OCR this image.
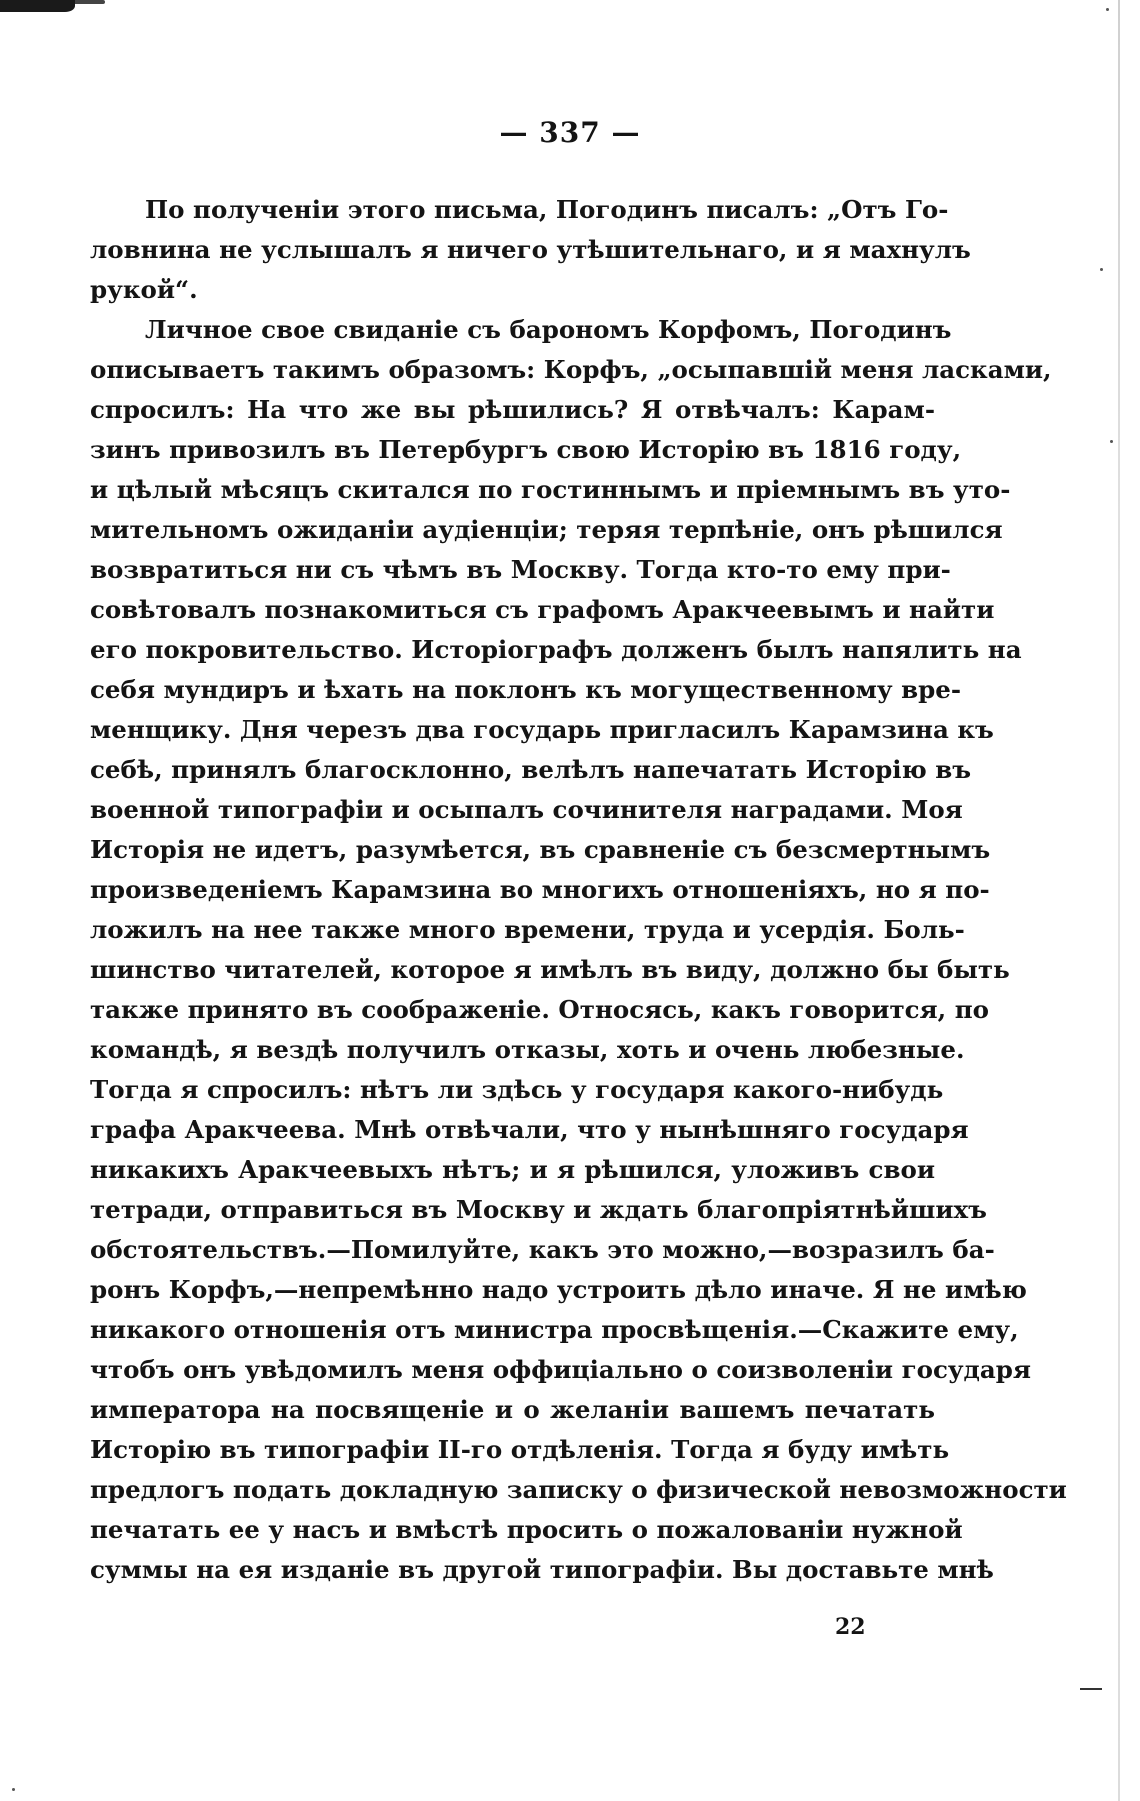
— 337 —
По полученіи этого письма, Погодинъ писалъ: „Отъ Го-
ловнина не услышалъ я ничего утѣшительнаго, и я махнулъ
рукой“.
Личное свое свиданіе съ барономъ Корфомъ, Погодинъ
описываетъ такимъ образомъ: Корфъ, „осыпавшій меня ласками,
спросилъ: На что же вы рѣшились? Я отвѣчалъ: Карам-
зинъ привозилъ въ Петербургъ свою Исторію въ 1816 году,
и цѣлый мѣсяцъ скитался по гостиннымъ и пріемнымъ въ уто-
мительномъ ожиданіи аудіенціи; теряя терпѣніе, онъ рѣшился
возвратиться ни съ чѣмъ въ Москву. Тогда кто-то ему при-
совѣтовалъ познакомиться съ графомъ Аракчеевымъ и найти
его покровительство. Исторіографъ долженъ былъ напялить на
себя мундиръ и ѣхать на поклонъ къ могущественному вре-
менщику. Дня черезъ два государь пригласилъ Карамзина къ
себѣ, принялъ благосклонно, велѣлъ напечатать Исторію въ
военной типографіи и осыпалъ сочинителя наградами. Моя
Исторія не идетъ, разумѣется, въ сравненіе съ безсмертнымъ
произведеніемъ Карамзина во многихъ отношеніяхъ, но я по-
ложилъ на нее также много времени, труда и усердія. Боль-
шинство читателей, которое я имѣлъ въ виду, должно бы быть
также принято въ соображеніе. Относясь, какъ говорится, по
командѣ, я вездѣ получилъ отказы, хоть и очень любезные.
Тогда я спросилъ: нѣтъ ли здѣсь у государя какого-нибудь
графа Аракчеева. Мнѣ отвѣчали, что у нынѣшняго государя
никакихъ Аракчеевыхъ нѣтъ; и я рѣшился, уложивъ свои
тетради, отправиться въ Москву и ждать благопріятнѣйшихъ
обстоятельствъ.—Помилуйте, какъ это можно,—возразилъ ба-
ронъ Корфъ,—непремѣнно надо устроить дѣло иначе. Я не имѣю
никакого отношенія отъ министра просвѣщенія.—Скажите ему,
чтобъ онъ увѣдомилъ меня оффиціально о соизволеніи государя
императора на посвященіе и о желаніи вашемъ печатать
Исторію въ типографіи II-го отдѣленія. Тогда я буду имѣть
предлогъ подать докладную записку о физической невозможности
печатать ее у насъ и вмѣстѣ просить о пожалованіи нужной
суммы на ея изданіе въ другой типографіи. Вы доставьте мнѣ
22
